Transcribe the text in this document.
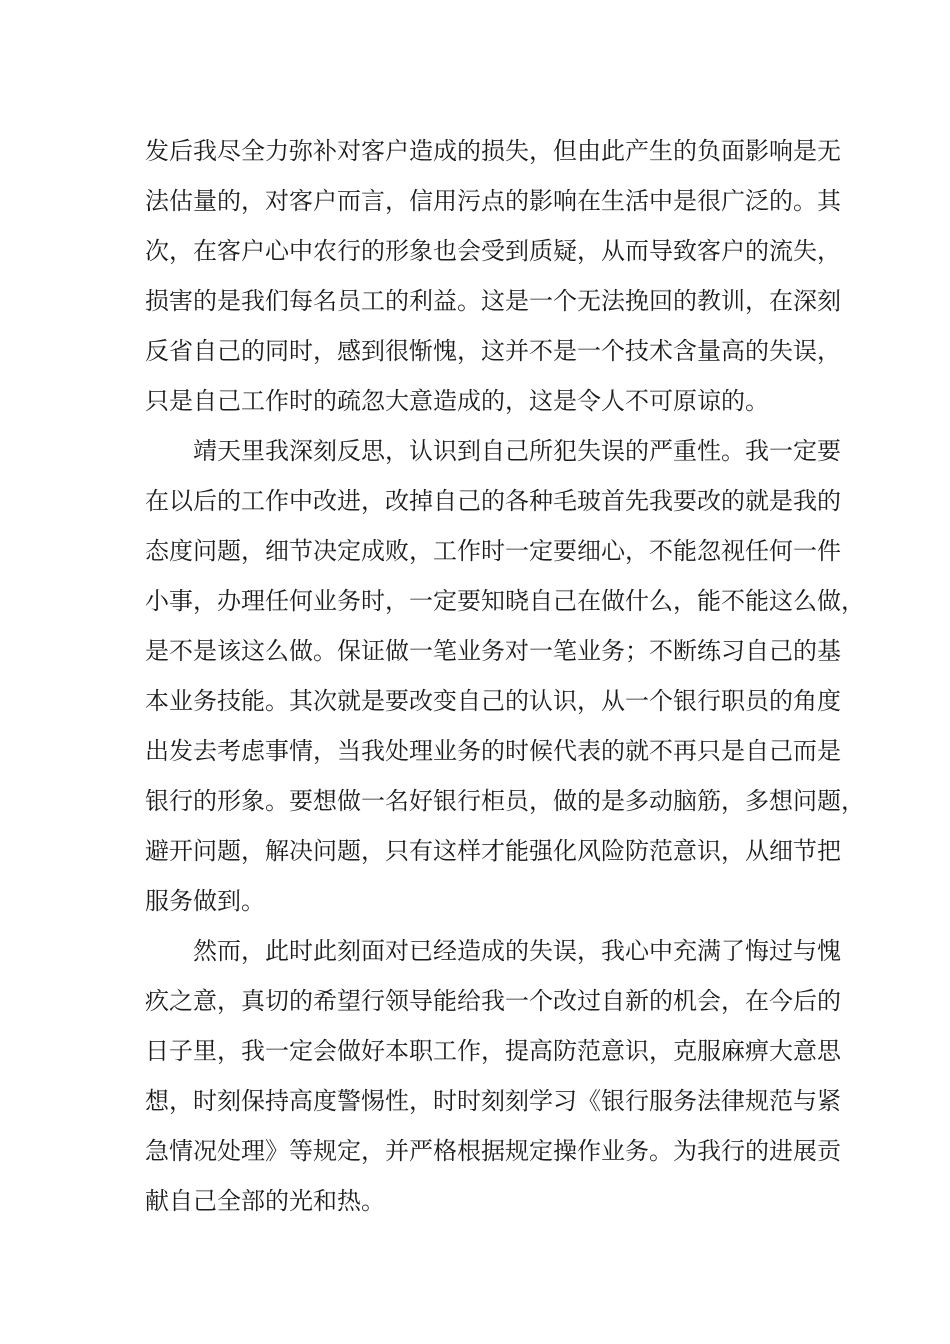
发后我尽全力弥补对客户造成的损失，但由此产生的负面影响是无
法估量的，对客户而言，信用污点的影响在生活中是很广泛的。其
次，在客户心中农行的形象也会受到质疑，从而导致客户的流失，
损害的是我们每名员工的利益。这是一个无法挽回的教训，在深刻
反省自己的同时，感到很惭愧，这并不是一个技术含量高的失误，
只是自己工作时的疏忽大意造成的，这是令人不可原谅的。
靖天里我深刻反思，认识到自己所犯失误的严重性。我一定要
在以后的工作中改进，改掉自己的各种毛玻首先我要改的就是我的
态度问题，细节决定成败，工作时一定要细心，不能忽视任何一件
小事，办理任何业务时，一定要知晓自己在做什么，能不能这么做，
是不是该这么做。保证做一笔业务对一笔业务；不断练习自己的基
本业务技能。其次就是要改变自己的认识，从一个银行职员的角度
出发去考虑事情，当我处理业务的时候代表的就不再只是自己而是
银行的形象。要想做一名好银行柜员，做的是多动脑筋，多想问题，
避开问题，解决问题，只有这样才能强化风险防范意识，从细节把
服务做到。
然而，此时此刻面对已经造成的失误，我心中充满了悔过与愧
疚之意，真切的希望行领导能给我一个改过自新的机会，在今后的
日子里，我一定会做好本职工作，提高防范意识，克服麻痹大意思
想，时刻保持高度警惕性，时时刻刻学习《银行服务法律规范与紧
急情况处理》等规定，并严格根据规定操作业务。为我行的进展贡
献自己全部的光和热。
